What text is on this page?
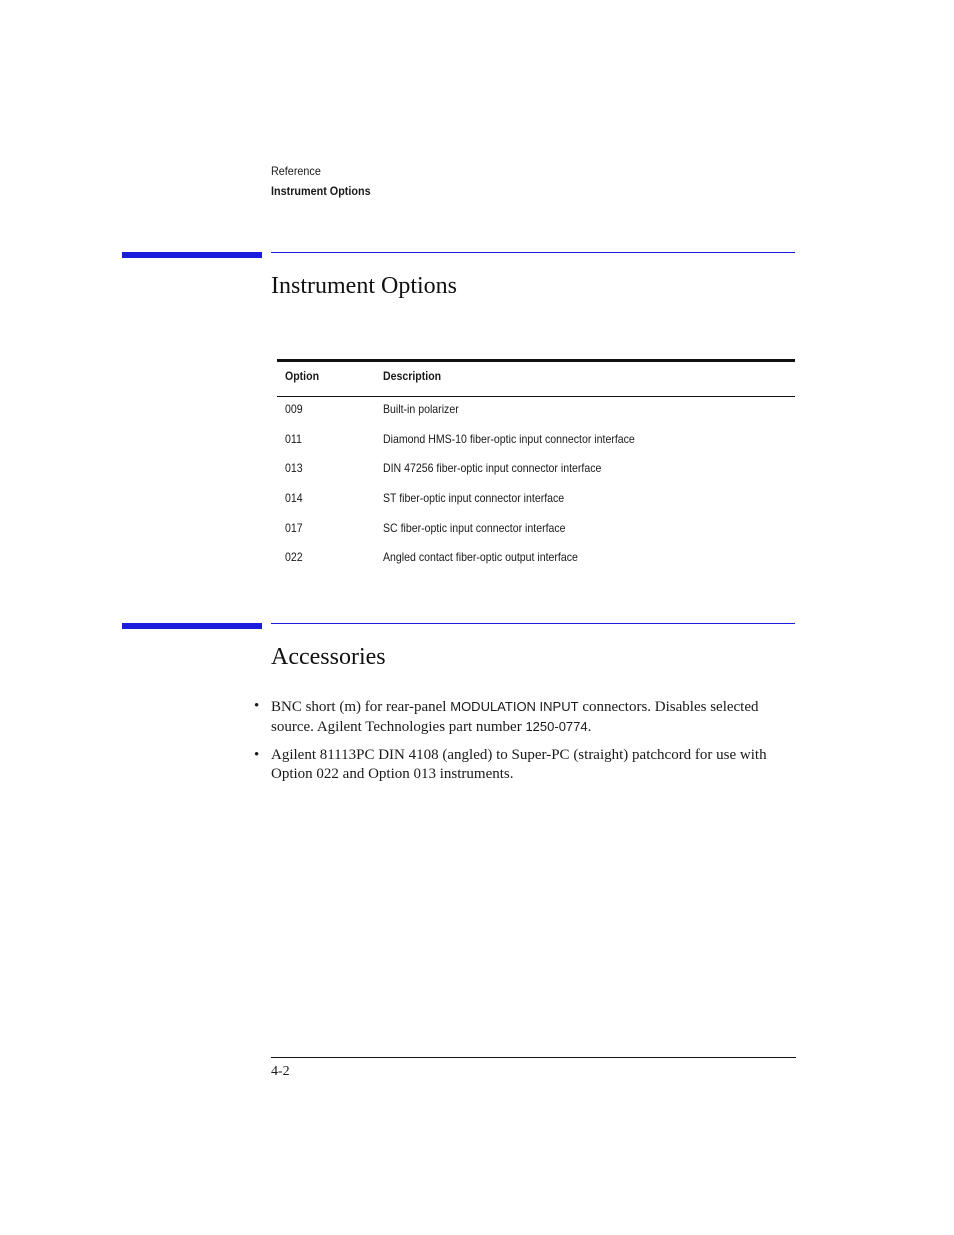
Reference
Instrument Options
Instrument Options
Option	Description
009	Built-in polarizer
011	Diamond HMS-10 fiber-optic input connector interface
013	DIN 47256 fiber-optic input connector interface
014	ST fiber-optic input connector interface
017	SC fiber-optic input connector interface
022	Angled contact fiber-optic output interface
Accessories
• BNC short (m) for rear-panel MODULATION INPUT connectors. Disables selected source. Agilent Technologies part number 1250-0774.
• Agilent 81113PC DIN 4108 (angled) to Super-PC (straight) patchcord for use with Option 022 and Option 013 instruments.
4-2
